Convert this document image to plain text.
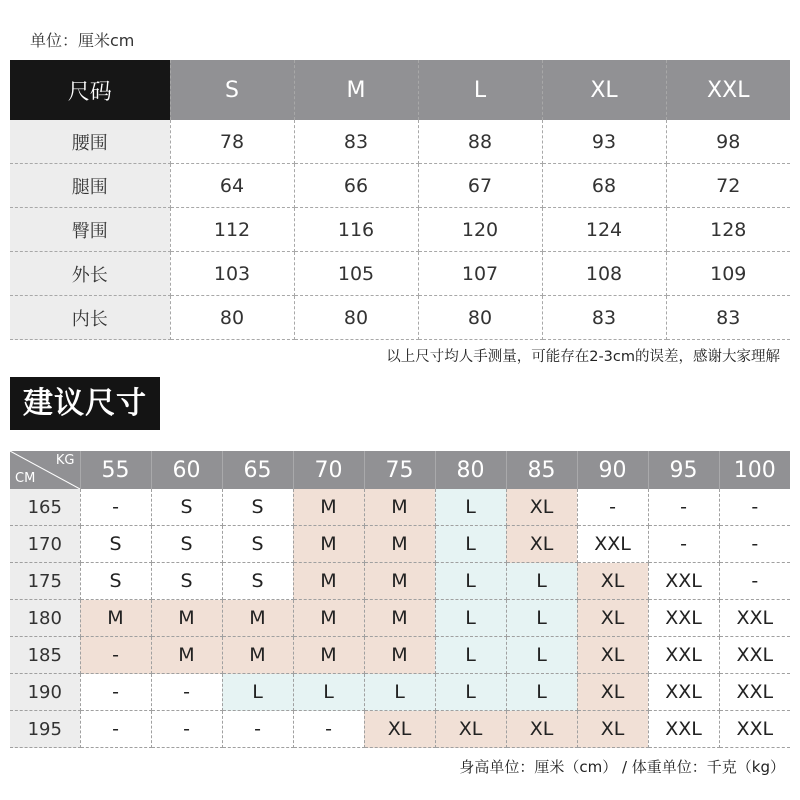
单位：厘米cm
尺码	S	M	L	XL	XXL
腰围	78	83	88	93	98
腿围	64	66	67	68	72
臀围	112	116	120	124	128
外长	103	105	107	108	109
内长	80	80	80	83	83
以上尺寸均人手测量，可能存在2-3cm的误差，感谢大家理解
建议尺寸
KG
CM	55	60	65	70	75	80	85	90	95	100
165	-	S	S	M	M	L	XL	-	-	-
170	S	S	S	M	M	L	XL	XXL	-	-
175	S	S	S	M	M	L	L	XL	XXL	-
180	M	M	M	M	M	L	L	XL	XXL	XXL
185	-	M	M	M	M	L	L	XL	XXL	XXL
190	-	-	L	L	L	L	L	XL	XXL	XXL
195	-	-	-	-	XL	XL	XL	XL	XXL	XXL
身高单位：厘米（cm） / 体重单位：千克（kg）
